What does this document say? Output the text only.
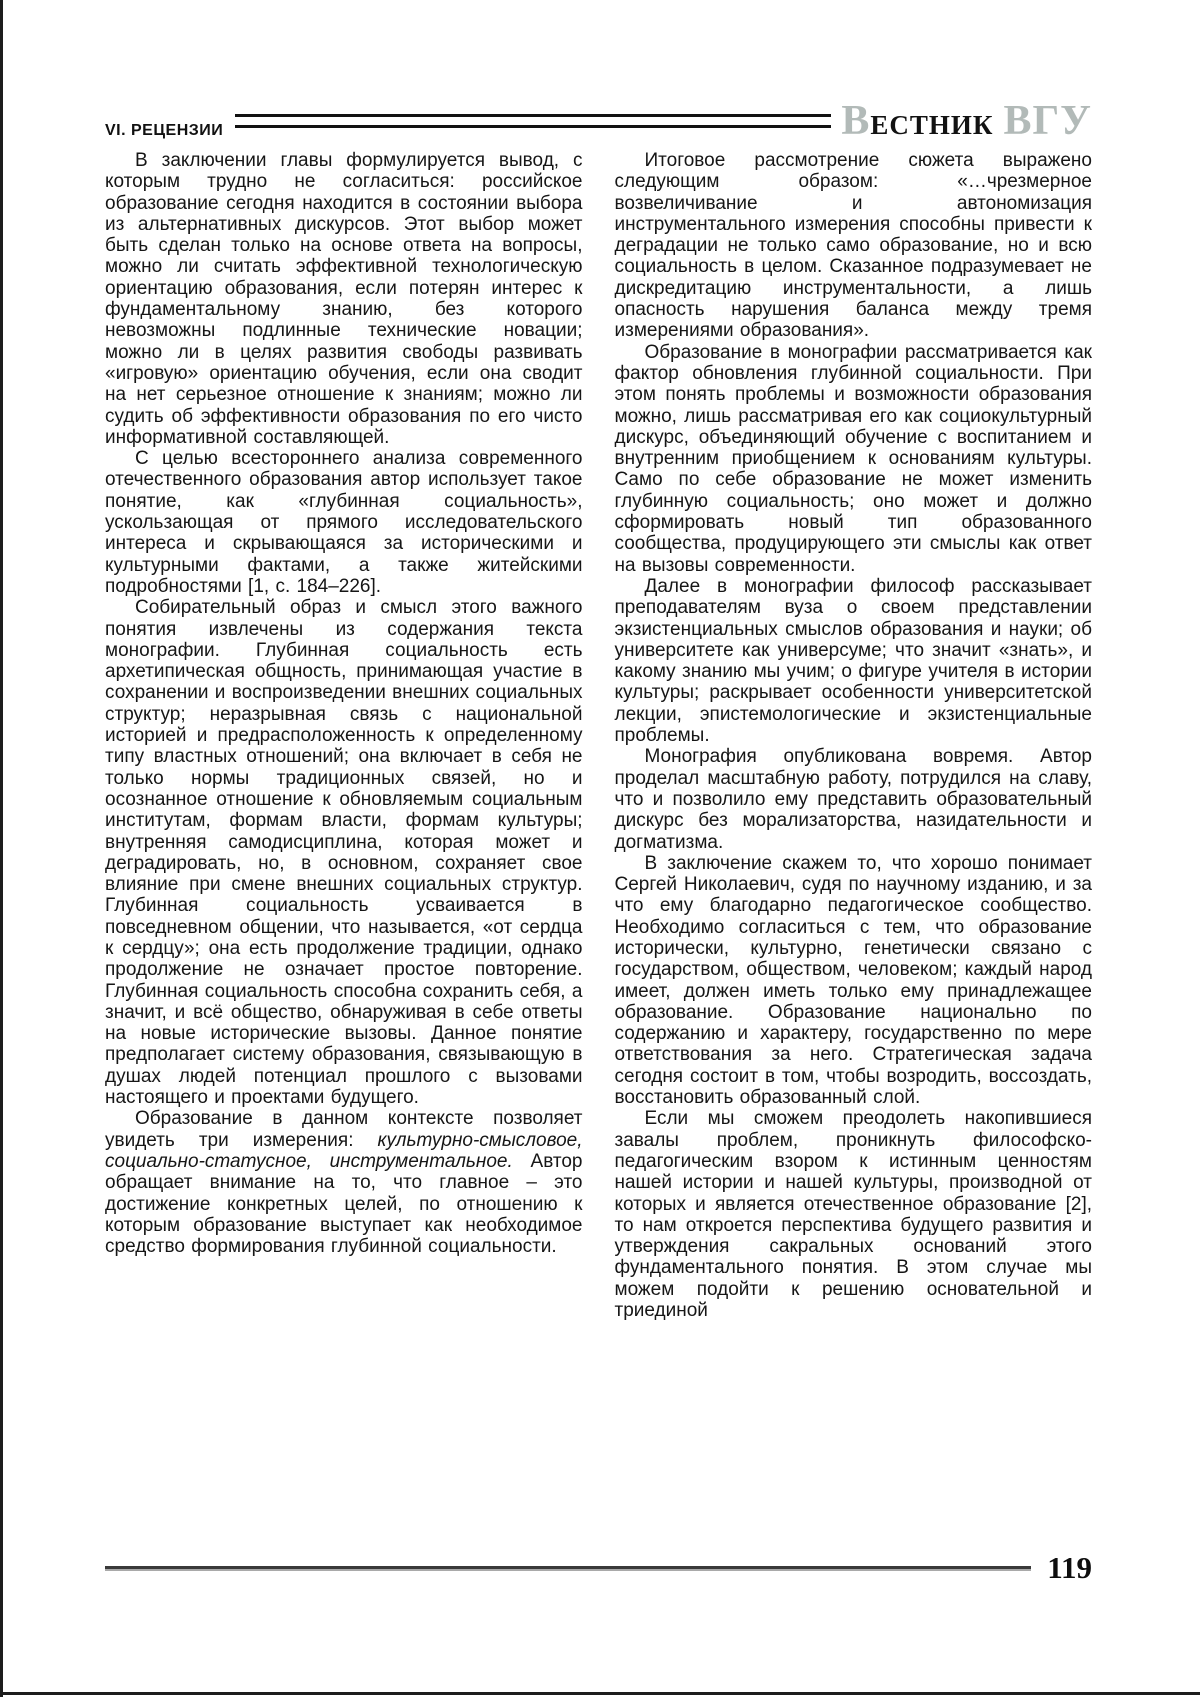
VI. РЕЦЕНЗИИ	ВЕСТНИК ВГУ

В заключении главы формулируется вывод, с которым трудно не согласиться: российское образование сегодня находится в состоянии выбора из альтернативных дискурсов. Этот выбор может быть сделан только на основе ответа на вопросы, можно ли считать эффективной технологическую ориентацию образования, если потерян интерес к фундаментальному знанию, без которого невозможны подлинные технические новации; можно ли в целях развития свободы развивать «игровую» ориентацию обучения, если она сводит на нет серьезное отношение к знаниям; можно ли судить об эффективности образования по его чисто информативной составляющей.

С целью всестороннего анализа современного отечественного образования автор использует такое понятие, как «глубинная социальность», ускользающая от прямого исследовательского интереса и скрывающаяся за историческими и культурными фактами, а также житейскими подробностями [1, с. 184–226].

Собирательный образ и смысл этого важного понятия извлечены из содержания текста монографии. Глубинная социальность есть архетипическая общность, принимающая участие в сохранении и воспроизведении внешних социальных структур; неразрывная связь с национальной историей и предрасположенность к определенному типу властных отношений; она включает в себя не только нормы традиционных связей, но и осознанное отношение к обновляемым социальным институтам, формам власти, формам культуры; внутренняя самодисциплина, которая может и деградировать, но, в основном, сохраняет свое влияние при смене внешних социальных структур. Глубинная социальность усваивается в повседневном общении, что называется, «от сердца к сердцу»; она есть продолжение традиции, однако продолжение не означает простое повторение. Глубинная социальность способна сохранить себя, а значит, и всё общество, обнаруживая в себе ответы на новые исторические вызовы. Данное понятие предполагает систему образования, связывающую в душах людей потенциал прошлого с вызовами настоящего и проектами будущего.

Образование в данном контексте позволяет увидеть три измерения: культурно-смысловое, социально-статусное, инструментальное. Автор обращает внимание на то, что главное – это достижение конкретных целей, по отношению к которым образование выступает как необходимое средство формирования глубинной социальности.

Итоговое рассмотрение сюжета выражено следующим образом: «…чрезмерное возвеличивание и автономизация инструментального измерения способны привести к деградации не только само образование, но и всю социальность в целом. Сказанное подразумевает не дискредитацию инструментальности, а лишь опасность нарушения баланса между тремя измерениями образования».

Образование в монографии рассматривается как фактор обновления глубинной социальности. При этом понять проблемы и возможности образования можно, лишь рассматривая его как социокультурный дискурс, объединяющий обучение с воспитанием и внутренним приобщением к основаниям культуры. Само по себе образование не может изменить глубинную социальность; оно может и должно сформировать новый тип образованного сообщества, продуцирующего эти смыслы как ответ на вызовы современности.

Далее в монографии философ рассказывает преподавателям вуза о своем представлении экзистенциальных смыслов образования и науки; об университете как универсуме; что значит «знать», и какому знанию мы учим; о фигуре учителя в истории культуры; раскрывает особенности университетской лекции, эпистемологические и экзистенциальные проблемы.

Монография опубликована вовремя. Автор проделал масштабную работу, потрудился на славу, что и позволило ему представить образовательный дискурс без морализаторства, назидательности и догматизма.

В заключение скажем то, что хорошо понимает Сергей Николаевич, судя по научному изданию, и за что ему благодарно педагогическое сообщество. Необходимо согласиться с тем, что образование исторически, культурно, генетически связано с государством, обществом, человеком; каждый народ имеет, должен иметь только ему принадлежащее образование. Образование национально по содержанию и характеру, государственно по мере ответствования за него. Стратегическая задача сегодня состоит в том, чтобы возродить, воссоздать, восстановить образованный слой.

Если мы сможем преодолеть накопившиеся завалы проблем, проникнуть философско-педагогическим взором к истинным ценностям нашей истории и нашей культуры, производной от которых и является отечественное образование [2], то нам откроется перспектива будущего развития и утверждения сакральных оснований этого фундаментального понятия. В этом случае мы можем подойти к решению основательной и триединой

119
